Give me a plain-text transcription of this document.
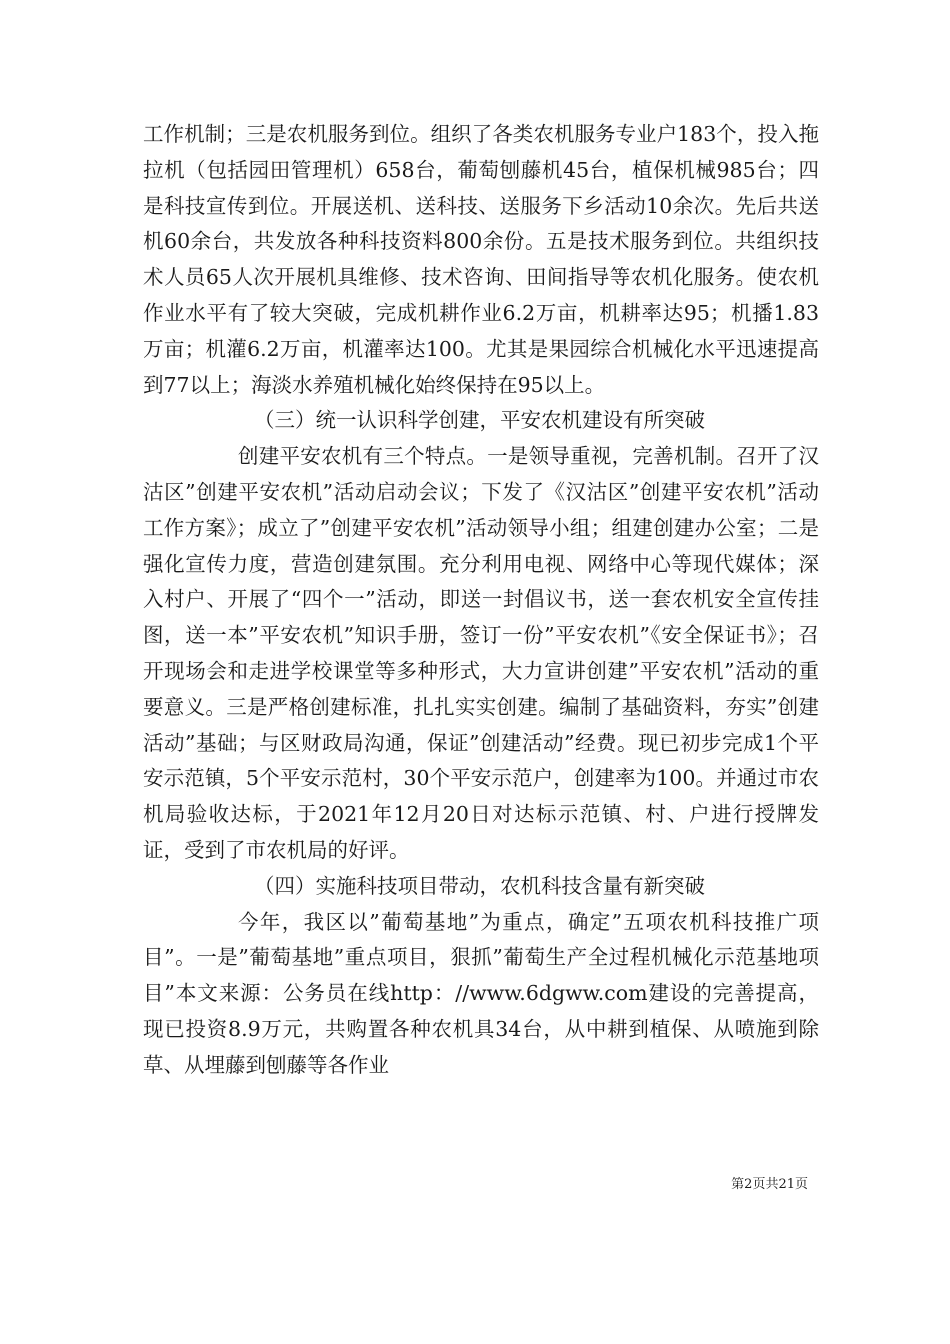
工作机制；三是农机服务到位。组织了各类农机服务专业户183个，投入拖拉机（包括园田管理机）658台，葡萄刨藤机45台，植保机械985台；四是科技宣传到位。开展送机、送科技、送服务下乡活动10余次。先后共送机60余台，共发放各种科技资料800余份。五是技术服务到位。共组织技术人员65人次开展机具维修、技术咨询、田间指导等农机化服务。使农机作业水平有了较大突破，完成机耕作业6.2万亩，机耕率达95；机播1.83万亩；机灌6.2万亩，机灌率达100。尤其是果园综合机械化水平迅速提高到77以上；海淡水养殖机械化始终保持在95以上。

（三）统一认识科学创建，平安农机建设有所突破

创建平安农机有三个特点。一是领导重视，完善机制。召开了汉沽区”创建平安农机”活动启动会议；下发了《汉沽区”创建平安农机”活动工作方案》；成立了”创建平安农机”活动领导小组；组建创建办公室；二是强化宣传力度，营造创建氛围。充分利用电视、网络中心等现代媒体；深入村户、开展了“四个一”活动，即送一封倡议书，送一套农机安全宣传挂图，送一本”平安农机”知识手册，签订一份”平安农机”《安全保证书》；召开现场会和走进学校课堂等多种形式，大力宣讲创建”平安农机”活动的重要意义。三是严格创建标准，扎扎实实创建。编制了基础资料，夯实”创建活动”基础；与区财政局沟通，保证”创建活动”经费。现已初步完成1个平安示范镇，5个平安示范村，30个平安示范户，创建率为100。并通过市农机局验收达标，于2021年12月20日对达标示范镇、村、户进行授牌发证，受到了市农机局的好评。

（四）实施科技项目带动，农机科技含量有新突破

今年，我区以”葡萄基地”为重点，确定”五项农机科技推广项目”。一是”葡萄基地”重点项目，狠抓”葡萄生产全过程机械化示范基地项目”本文来源：公务员在线http：//www.6dgww.com建设的完善提高，现已投资8.9万元，共购置各种农机具34台，从中耕到植保、从喷施到除草、从埋藤到刨藤等各作业

第2页共21页
